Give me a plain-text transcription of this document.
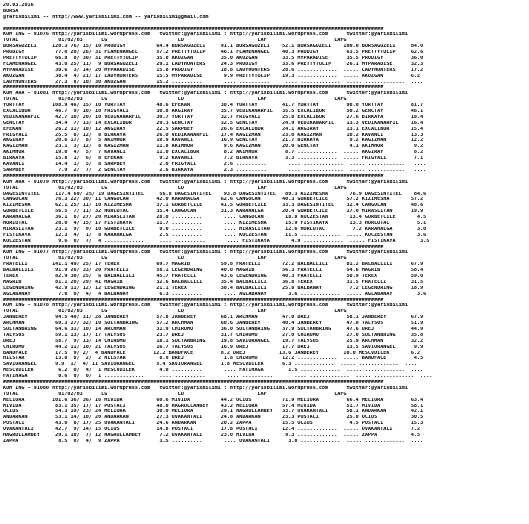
20.03.2016
BURSA
@Yarisbilimi -- http://www.yarisbilimi.com -- yarisbilimi@gmail.com
############################################################################################################################
KUM ING - 91076 http://yarisbilimi.wordpress.com   twitter:@yarisbilimi : http://yarisbilimi.wordpress.com      twitter:@yarisbilimi
TOTAL             01/02/03      LG                       LD                        LAF                      LAFG
BURSAGUZELI     120.3 76/ 15/ 10 PRODIGY          64.4 BURSAGUZELI     91.1 BURSAGUZELI    52.1 BURSAGUZELI    100.0 BURSAGUZELI     84.0
PRODIGY          77.0 20/ 26/ 31 FLAMENANGEL      57.2 PRETTYTULIP     46.1 FLAMENANGEL    40.3 PRODIGY         63.5 PRETTYTULIP     62.6
PRETTYTULIP      66.8  8/ 30/ 31 PRETTYTULIP      35.0 AKOZGAN         35.0 AKOZGAN        33.5 MYPARADISE      35.5 PRODIGY         36.0
FLAMENANGEL      43.0 25/ 11/  9 BURSAGUZELI      29.1 LADYHUNTERS     24.3 PRODIGY        33.6 PRETTYTULIP     26.1 MYPARADISE      32.3
MYPARADISE       30.6  3/ 14/ 20 MYPARADISE       15.8 PRODIGY         18.8 LADYHUNTERS    28.6 .............  ..... LADYHUNTERS     17.2
AKOZGAN          30.4  4/ 21/ 17 LADYHUNTERS      15.5 MYPARADISE       9.9 PRETTYTULIP    19.3 .............  ..... AKOZGAN         6.2
LADYHUNTERS      27.3  8/ 10/ 30 AKOZGAN          15.2 ..........       .... ..........     .... .............  ..... .............  ....
############################################################################################################################
KUM ARA - 91081 http://yarisbilimi.wordpress.com   twitter:@yarisbilimi : http://yarisbilimi.wordpress.com      twitter:@yarisbilimi
TOTAL             01/02/03      LG                       LD                        LAF                      LAFG
YURTTAY         108.9 46/ 15/ 10 YURTTAY          48.6 EFEKAN          38.4 YURTTAY        41.7 YURTTAY         98.0 YURTTAY         81.7
EXCALIBUR        46.7  9/ 10/ 10 FRIGYALI         30.8 AKGIRAY         35.7 VEDIKANARFIL   35.5 EXCALIBUR       50.2 GENCTAY         46.1
VEDIKANARFIL     42.7 10/ 20/ 10 VEDIKANARFIL     30.7 YURTTAY         32.7 FRIGYALI       25.8 EXCALIBUR       27.6 BIRKAYA         18.4
GENCTAY          34.4  7/ 13/ 14 EXCALIBUR        29.3 GENCTAY         32.5 GENCTAY        24.9 VEDIKANARFIL    13.3 VEDIKANARFIL    16.4
EFEKAN           26.2 11/ 10/ 12 AKGIRAY          22.5 SARPBEY         26.6 EXCALIBUR      24.1 AKGIRAY         13.1 EXCALIBUR       15.4
FRIGYALI         25.5  8/ 12/  8 BIRKAYA          26.0 VEDIKANARFIL    17.4 KAGIZMAN       23.0 KAGIZMAN        10.2 KAVANLI         13.3
AKGIRAY          20.6 17/  8/  5 AKIMHUR          10.9 KAVANLI         16.9 GENCTAY        21.7 BIRKAYA          9.2 KAGIZMAN        12.2
KAGIZMAN         23.1  3/ 12/  8 KAGIZMAN         11.8 AKIMHUR          9.6 KAGIZMAN       20.0 GENCTAY          4.1 AKIMHUR          9.2
AKIMHUR          19.0  4/  5/  7 KAVANLI          11.0 EXCALIBUR        8.2 AKIMHUR         8.7 .............  ..... AKGIRAY          8.2
BIRKAYA          15.8  1/  6/  8 EFEKAN            9.2 KAVANLI          7.2 BIRKAYA         3.3 .............  ..... FRIGYALI         7.1
KAVANLI          14.4  1/  5/  8 SARPBEY           2.0 FRIGYALI         2.6 ..........       .... .............  ..... ............   ....
SARPBEY           7.9  2/  7/  2 GENCTAY           2.6 BIRKAYA          2.3 ..........       .... .............  ..... ............   ....
############################################################################################################################
KUM ARA - 91079 http://yarisbilimi.wordpress.com   twitter:@yarisbilimi : http://yarisbilimi.wordpress.com      twitter:@yarisbilimi
TOTAL             01/02/03      LG                       LD                        LAF                      LAFG
DAGESINTITEL     117.4 69/ 25/ 19 DAGESINTITEL     56.8 DAGESINTITEL    93.8 DAGESINTITEL   89.3 KIZIMESHA       76.9 DAGESINTITEL    84.6
CANGOCAN         76.3 22/ 30/ 11 CANGOCAN         42.0 KARAHALGA       62.6 CANGOCAN       40.3 GURBETCILE      57.2 KIZIMESHA       57.2
KIZIMESHA        62.1 25/ 11/ 10 KIZIMESHA        37.1 GURBETCILE      41.5 GURBETCILE     33.3 DAGESINTITEL    32.4 CANGOCAN        48.6
GURBETCILE       56.5  7/ 11/ 32 HURLUTAC         35.4 CANGOCAN        31.3 KARAHALGA      20.4 GURBETCILE      17.0 MIRASLITAN      19.9
KARAHALGA        36.1  8/ 27/ 20 MIRASLITAN       28.0 ..........       .... CANGOCAN       18.8 KUCZESTAN       13.4 GURBETCILE       4.5
HURLUTAC         20.0  4/ 15/ 17 FISTIKAYA        11.7 ..........       .... KIZIMESHA      15.9 FISTIKAYA       13.3 HURLUTAC         5.1
MIRASLITAN       23.1  9/  9/ 10 GURBETCILE        9.0 ..........       .... MIRASLITAN     12.6 HURLUTAC         7.2 KARAHALGA        3.0
FISTIKAYA        12.3  4/  1/  8 KARAHALGA         2.5 ..........       .... KUCZESTAN      11.5 .............  ..... KUCZESTAN        3.6
KUCZESTAN         9.6  0/  7/  4 .............     .... ..........       .... FISTIKAYA       4.9 .............  ..... FISTIKAYA        3.5
############################################################################################################################
KUM ING - 91077 http://yarisbilimi.wordpress.com   twitter:@yarisbilimi : http://yarisbilimi.wordpress.com      twitter:@yarisbilimi
TOTAL             01/02/03      LG                       LD                        LAF                      LAFG
FRATELLI        141.1 49/ 25/ 17 TEREX            69.7 MAGRIB          59.8 FRATELLI       72.2 BALBALLILI      81.2 BALBALLILI      67.9
BALBALLILI       91.9 26/ 33/ 20 FRATELLI         58.1 LEGENDRING      40.0 MAGRIB         56.3 FRATELLI        54.6 MAGRIB          58.4
TEREX            82.9 30/ 25/  6 BALBALLILI       45.7 FRATELLI        43.6 LEGENDRING     40.3 FRATELLI        50.9 TEREX           59.0
MAGRIB           81.1 20/ 29/ 41 MAGRIB           32.6 BALBALLILI      35.4 BALBALLILI     36.8 TEREX           31.5 FRATELLI        31.5
LEGENDRING       42.9 11/ 12/ 12 LEGENDRING       21.1 TEREX           30.4 BALBALLILI     25.8 BALBANAY         7.2 LEGENDRING      18.9
AGLABANAY         7.0  0/  4/  4 BALBANAY          6.3 ..........       .... AGLABANAY       3.6 .............  ..... AGLABANAY        3.6
############################################################################################################################
KUM ING - 91078 http://yarisbilimi.wordpress.com   twitter:@yarisbilimi : http://yarisbilimi.wordpress.com      twitter:@yarisbilimi
TOTAL             01/02/03      LG                       LD                        LAF                      LAFG
JANBEREY         94.5 40/ 31/ 28 JANBEREY         57.8 JANBEREY        68.1 ARCHMAN        47.0 DREJ            58.1 JANBEREY        67.9
ARCHMAN          69.3 27/ 32/ 10 SULTANBRING      57.2 ARCHMAN         60.6 JANBEREY       40.4 JANBEREY        47.0 TALYS05         51.9
SULTANBRING      64.6 31/ 10/ 14 ARCHMAN          31.9 CHIROMO         36.0 SULTANBRING    37.9 SULTANBRING     47.6 DREJ            44.9
TALYS05          59.1 13/ 17/ 17 TALYS05          23.7 DREJ            31.7 CHIROMO        27.0 CHIROMO         27.0 SULTANBRING     35.8
DREJ             58.7  9/ 13/ 14 CHIROMO          18.1 SULTANBRING     19.8 SAVIORANGEL    19.7 TALYS05         25.9 ARCHMAN         32.2
CHIROMO          44.2 11/ 10/ 21 TALYS05          16.7 TALYS05         16.9 DREJ           17.7 DREJ            13.5 SAVIORANGEL      9.9
BANDFACE         17.5  9/ 2/  4 BANDFACE         12.2 BANDFACE         8.2 DREJ           13.6 JANBEREY        10.0 MESCVDILEK       6.2
HILSTAR          13.8  8/  2/  2 HILSTAR           8.9 DREJ             1.8 CHIROMO        12.2 .............  ..... BANDFACE         4.5
SAVIORANGEL      9.9  1/  4/ 11 SAVIORANGEL       5.4 SAVIORANGEL      1.8 MESCVDILEK      6.3 .............  ..... .............  ....
MESCVDILEK        6.2  0/  4/  1 MESCVDILEK        4.0 ..........       .... FATIHAGA        1.5 .............  ..... .............  ....
FATIHAGA          0.6  0/  0/  1 .............     .... ..........       .... ..........       .... .............  ..... .............  ....
############################################################################################################################
KUM ING - 91080 http://yarisbilimi.wordpress.com   twitter:@yarisbilimi : http://yarisbilimi.wordpress.com      twitter:@yarisbilimi
TOTAL             01/02/03      LG                       LD                        LAF                      LAFG
MELIORA         101.6 36/ 36/ 16 MIVIDA           60.6 MIVIDA          44.2 OCIUS          71.9 MELIORA         66.4 MELIORA         63.4
MIVIDA           83.1 35/ 17/ 17 POSTACI          48.0 HAGRULLAHBEY    43.2 MELIORA        57.4 MIVIDA          51.7 MIVIDA          58.1
OCIUS            54.3 19/ 23/ 24 MELIORA          30.0 MELIORA         29.1 HAGRULLAHBEY   33.7 OVAKANTALI      58.1 ANDARKAN        42.1
ANDARKAN         53.1 14/ 10/ 20 ANDARKAN         27.3 OVAKANTALI      24.8 ANDARKAN       23.3 POSTACI         25.0 OCIUS           30.5
POSTACI          43.0  8/ 17/ 25 OVAKANTALI       24.6 ANDARKAN        20.2 ZAPPA          15.5 OCIUS            4.5 POSTACI         15.3
OVAKANTALI       42.7  9/ 14/ 15 OCIUS            14.8 POSTACI         17.8 POSTACI        12.4 .............  ..... OVAKANTALI      7.2
HAGRULLAHBEY     29.1 10/  7/ 12 HAGRULLAHBEY      7.2 OVAKANTALI      23.0 MIVIDA          9.3 .............  ..... ZAPPA           4.5
ZAPPA             8.5  0/  4/  9 ZAPPA             3.5 ..........       .... OVAKANTALI      3.8 .............  ..... .............  ....
